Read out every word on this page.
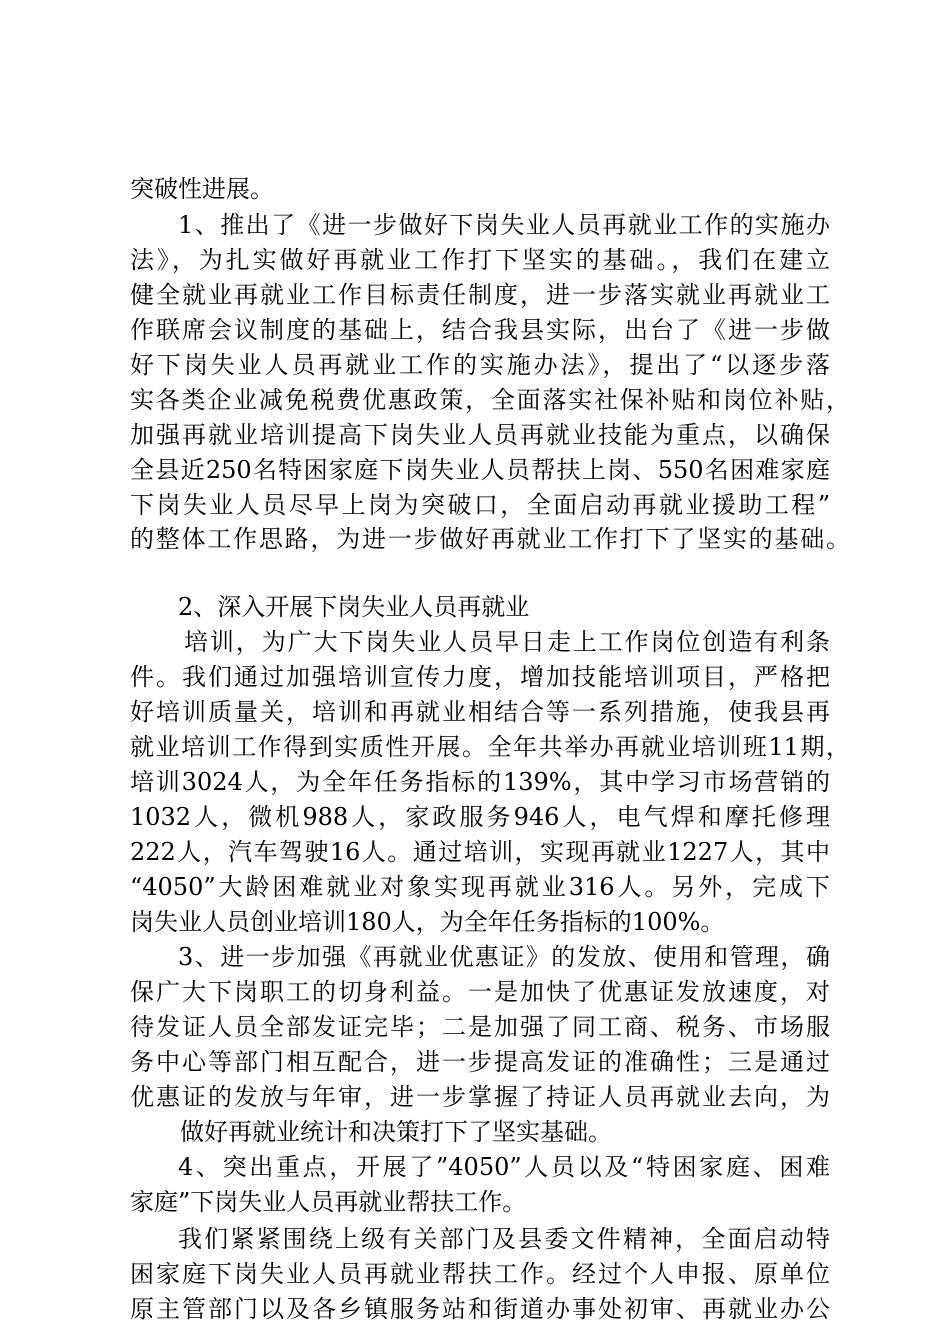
突破性进展。
1、推出了《进一步做好下岗失业人员再就业工作的实施办
法》，为扎实做好再就业工作打下坚实的基础。，我们在建立
健全就业再就业工作目标责任制度，进一步落实就业再就业工
作联席会议制度的基础上，结合我县实际，出台了《进一步做
好下岗失业人员再就业工作的实施办法》，提出了“以逐步落
实各类企业减免税费优惠政策，全面落实社保补贴和岗位补贴，
加强再就业培训提高下岗失业人员再就业技能为重点，以确保
全县近250名特困家庭下岗失业人员帮扶上岗、550名困难家庭
下岗失业人员尽早上岗为突破口，全面启动再就业援助工程”
的整体工作思路，为进一步做好再就业工作打下了坚实的基础。
2、深入开展下岗失业人员再就业
培训，为广大下岗失业人员早日走上工作岗位创造有利条
件。我们通过加强培训宣传力度，增加技能培训项目，严格把
好培训质量关，培训和再就业相结合等一系列措施，使我县再
就业培训工作得到实质性开展。全年共举办再就业培训班11期，
培训3024人，为全年任务指标的139%，其中学习市场营销的
1032人，微机988人，家政服务946人，电气焊和摩托修理
222人，汽车驾驶16人。通过培训，实现再就业1227人，其中
“4050”大龄困难就业对象实现再就业316人。另外，完成下
岗失业人员创业培训180人，为全年任务指标的100%。
3、进一步加强《再就业优惠证》的发放、使用和管理，确
保广大下岗职工的切身利益。一是加快了优惠证发放速度，对
待发证人员全部发证完毕；二是加强了同工商、税务、市场服
务中心等部门相互配合，进一步提高发证的准确性；三是通过
优惠证的发放与年审，进一步掌握了持证人员再就业去向，为
做好再就业统计和决策打下了坚实基础。
4、突出重点，开展了”4050”人员以及“特困家庭、困难
家庭”下岗失业人员再就业帮扶工作。
我们紧紧围绕上级有关部门及县委文件精神，全面启动特
困家庭下岗失业人员再就业帮扶工作。经过个人申报、原单位
原主管部门以及各乡镇服务站和街道办事处初审、再就业办公
